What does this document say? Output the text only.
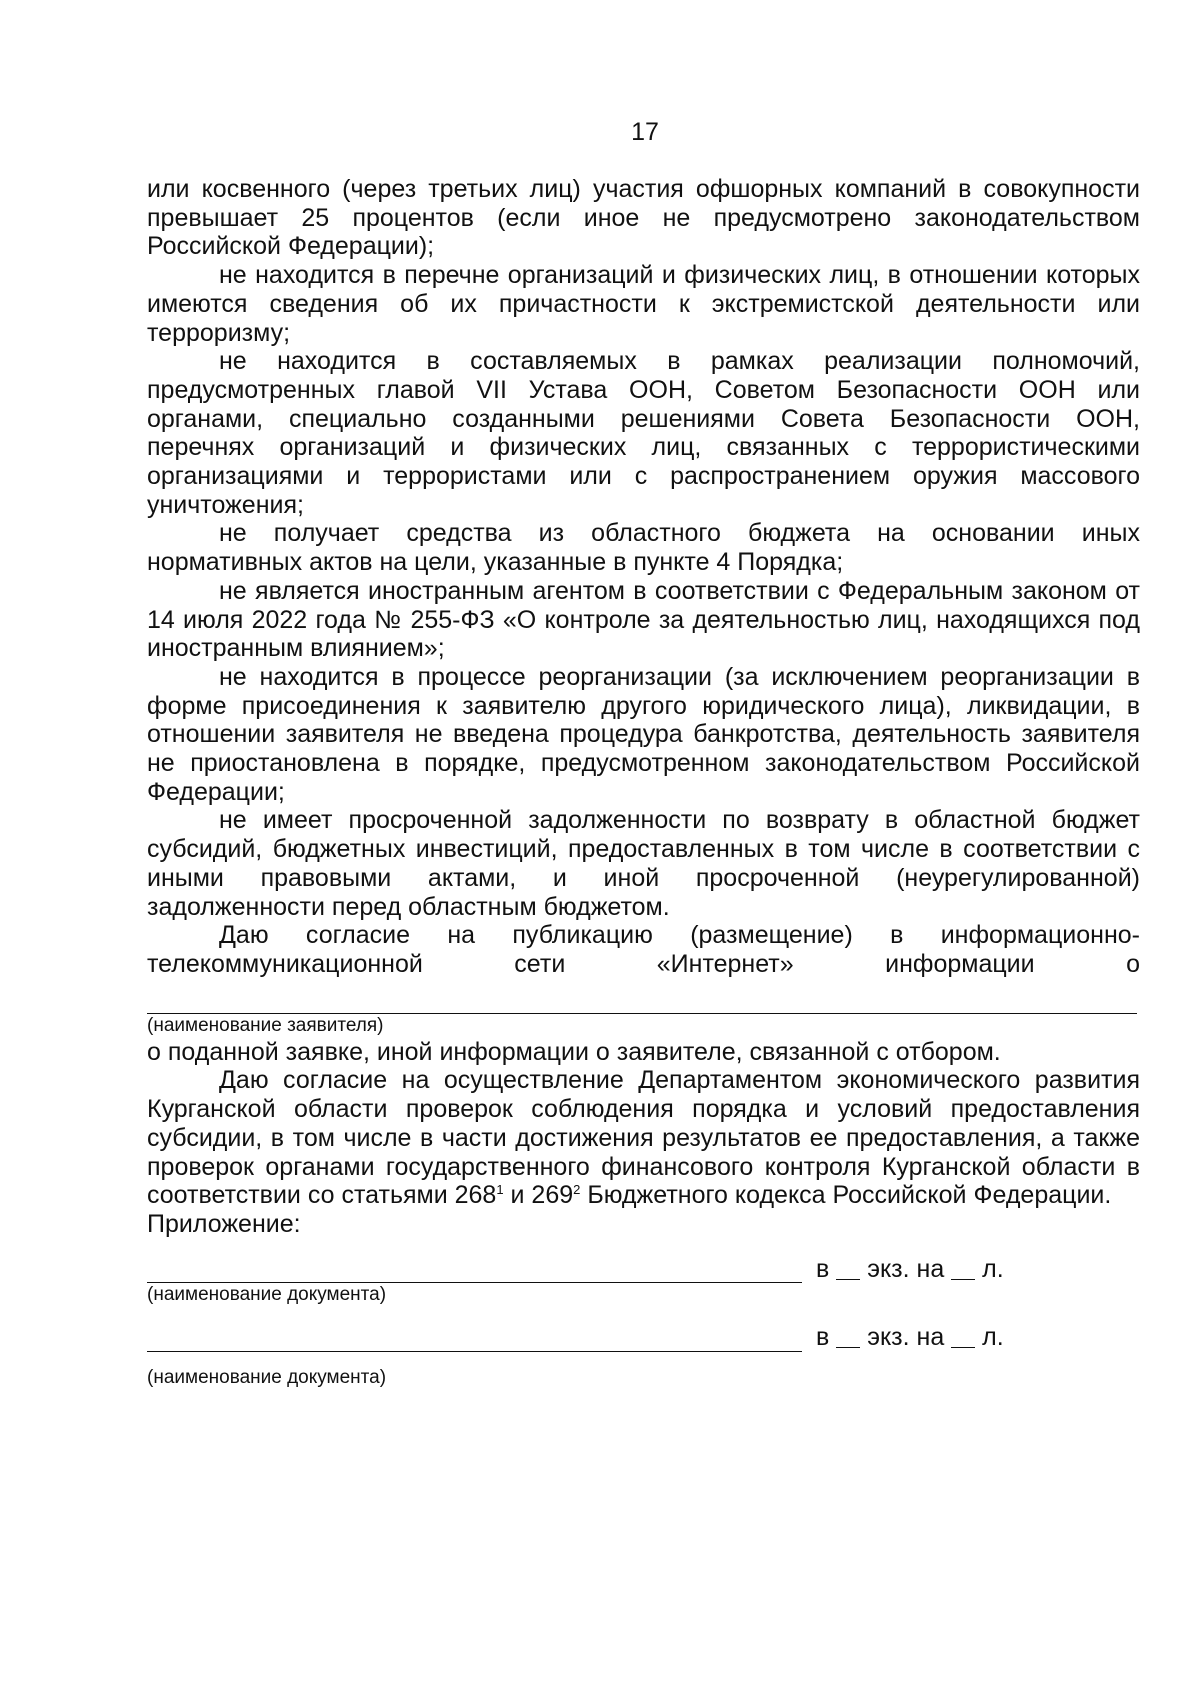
17

или косвенного (через третьих лиц) участия офшорных компаний в совокупности превышает 25 процентов (если иное не предусмотрено законодательством Российской Федерации);

не находится в перечне организаций и физических лиц, в отношении которых имеются сведения об их причастности к экстремистской деятельности или терроризму;

не находится в составляемых в рамках реализации полномочий, предусмотренных главой VII Устава ООН, Советом Безопасности ООН или органами, специально созданными решениями Совета Безопасности ООН, перечнях организаций и физических лиц, связанных с террористическими организациями и террористами или с распространением оружия массового уничтожения;

не получает средства из областного бюджета на основании иных нормативных актов на цели, указанные в пункте 4 Порядка;

не является иностранным агентом в соответствии с Федеральным законом от 14 июля 2022 года № 255-ФЗ «О контроле за деятельностью лиц, находящихся под иностранным влиянием»;

не находится в процессе реорганизации (за исключением реорганизации в форме присоединения к заявителю другого юридического лица), ликвидации, в отношении заявителя не введена процедура банкротства, деятельность заявителя не приостановлена в порядке, предусмотренном законодательством Российской Федерации;

не имеет просроченной задолженности по возврату в областной бюджет субсидий, бюджетных инвестиций, предоставленных в том числе в соответствии с иными правовыми актами, и иной просроченной (неурегулированной) задолженности перед областным бюджетом.

Даю согласие на публикацию (размещение) в информационно-телекоммуникационной сети «Интернет» информации о

(наименование заявителя)

о поданной заявке, иной информации о заявителе, связанной с отбором.

Даю согласие на осуществление Департаментом экономического развития Курганской области проверок соблюдения порядка и условий предоставления субсидии, в том числе в части достижения результатов ее предоставления, а также проверок органами государственного финансового контроля Курганской области в соответствии со статьями $268^1$ и $269^2$ Бюджетного кодекса Российской Федерации.

Приложение:

в экз. на л.

(наименование документа)

в экз. на л.

(наименование документа)
